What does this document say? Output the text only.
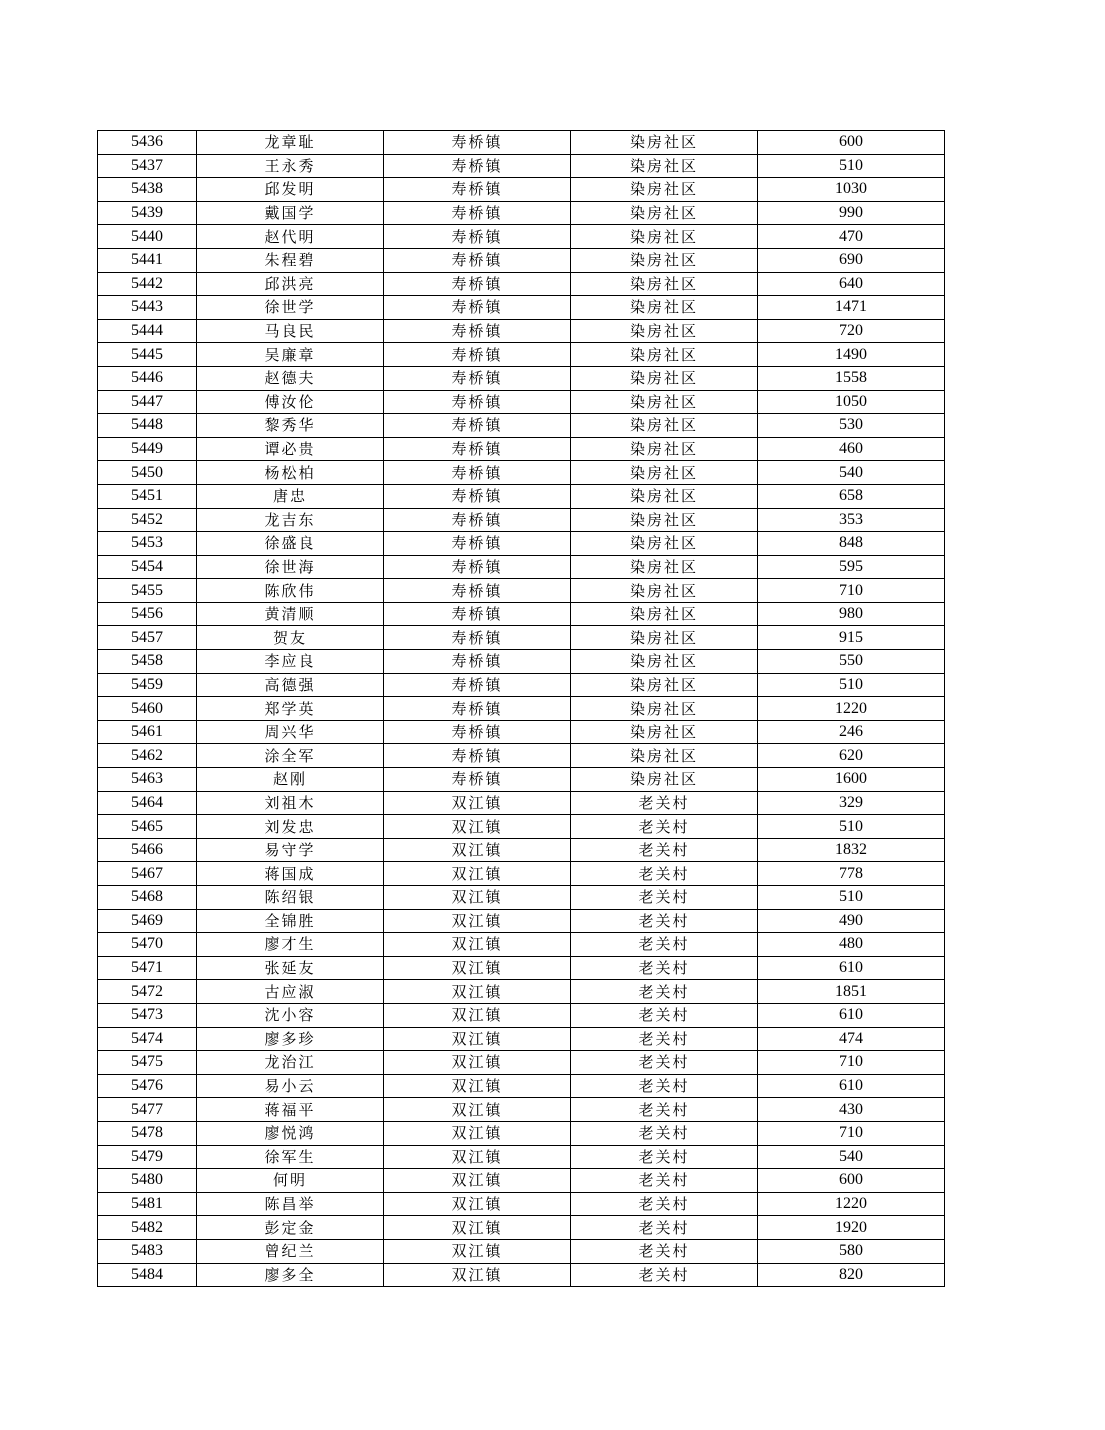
5436	龙章耻	寿桥镇	染房社区	600
5437	王永秀	寿桥镇	染房社区	510
5438	邱发明	寿桥镇	染房社区	1030
5439	戴国学	寿桥镇	染房社区	990
5440	赵代明	寿桥镇	染房社区	470
5441	朱程碧	寿桥镇	染房社区	690
5442	邱洪亮	寿桥镇	染房社区	640
5443	徐世学	寿桥镇	染房社区	1471
5444	马良民	寿桥镇	染房社区	720
5445	吴廉章	寿桥镇	染房社区	1490
5446	赵德夫	寿桥镇	染房社区	1558
5447	傅汝伦	寿桥镇	染房社区	1050
5448	黎秀华	寿桥镇	染房社区	530
5449	谭必贵	寿桥镇	染房社区	460
5450	杨松柏	寿桥镇	染房社区	540
5451	唐忠	寿桥镇	染房社区	658
5452	龙吉东	寿桥镇	染房社区	353
5453	徐盛良	寿桥镇	染房社区	848
5454	徐世海	寿桥镇	染房社区	595
5455	陈欣伟	寿桥镇	染房社区	710
5456	黄清顺	寿桥镇	染房社区	980
5457	贺友	寿桥镇	染房社区	915
5458	李应良	寿桥镇	染房社区	550
5459	高德强	寿桥镇	染房社区	510
5460	郑学英	寿桥镇	染房社区	1220
5461	周兴华	寿桥镇	染房社区	246
5462	涂全军	寿桥镇	染房社区	620
5463	赵刚	寿桥镇	染房社区	1600
5464	刘祖木	双江镇	老关村	329
5465	刘发忠	双江镇	老关村	510
5466	易守学	双江镇	老关村	1832
5467	蒋国成	双江镇	老关村	778
5468	陈绍银	双江镇	老关村	510
5469	全锦胜	双江镇	老关村	490
5470	廖才生	双江镇	老关村	480
5471	张延友	双江镇	老关村	610
5472	古应淑	双江镇	老关村	1851
5473	沈小容	双江镇	老关村	610
5474	廖多珍	双江镇	老关村	474
5475	龙治江	双江镇	老关村	710
5476	易小云	双江镇	老关村	610
5477	蒋福平	双江镇	老关村	430
5478	廖悦鸿	双江镇	老关村	710
5479	徐军生	双江镇	老关村	540
5480	何明	双江镇	老关村	600
5481	陈昌举	双江镇	老关村	1220
5482	彭定金	双江镇	老关村	1920
5483	曾纪兰	双江镇	老关村	580
5484	廖多全	双江镇	老关村	820
